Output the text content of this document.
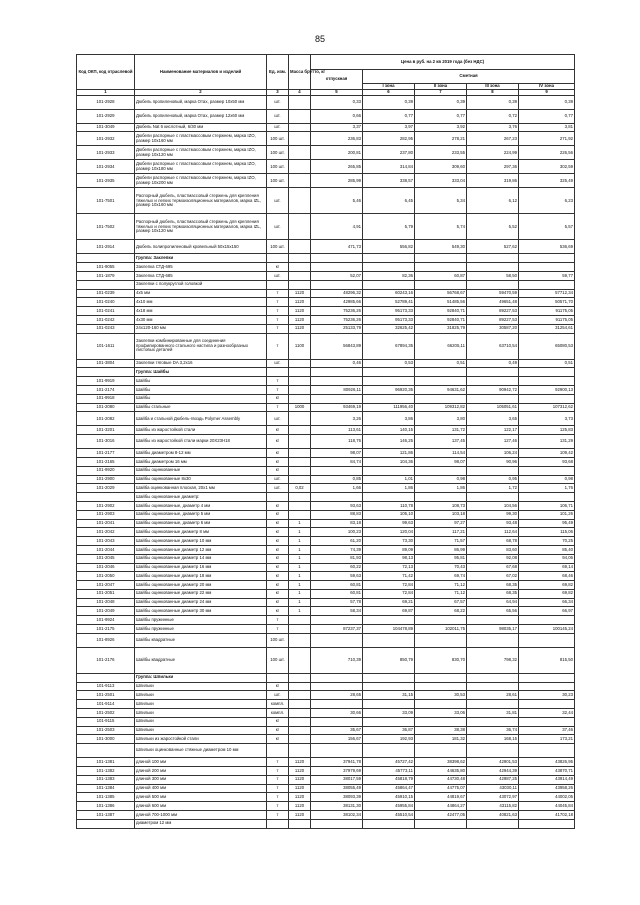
85
Код ОКП, код отраслевой	Наименование материалов и изделий	Ед. изм.	Масса брутто, кг	Цена в руб. на 2 кв 2019 года (без НДС)				
				отпускная	Сметная			
					I зона	II зона	III зона	IV зона
1	2	3	4	5	6	7	8	9
101-2928	Дюбель пропиленовый, марка Oтах, размер 10х50 мм	шт.		0,33	0,39	0,39	0,39	0,39
101-2929	Дюбель пропиленовый, марка Oтах, размер 12х60 мм	шт.		0,66	0,77	0,77	0,72	0,77
101-3049	Дюбель Nat 6 кислотный, 6/30 мм	шт.		3,37	3,97	3,92	3,76	3,81
101-2932	Дюбели распорные с пластмассовым стержнем, марка IZO, размер 10х160 мм	100 шт.		236,83	282,95	278,21	267,23	271,92
101-2933	Дюбели распорные с пластмассовым стержнем, марка IZO, размер 10х120 мм	100 шт.		200,81	237,80	233,55	224,99	226,56
101-2934	Дюбели распорные с пластмассовым стержнем, марка IZO, размер 10х180 мм	100 шт.		265,85	314,84	309,60	297,36	302,59
101-2935	Дюбели распорные с пластмассовым стержнем, марка IZO, размер 10х200 мм	100 шт.		285,99	338,57	333,04	319,86	325,49
101-7501	Распорный дюбель, пластмассовый стержень для крепления тяжелых и легких термоизоляционных материалов, марка IZL, размер 10х160 мм	шт.		5,46	6,45	5,34	6,12	6,23
101-7502	Распорный дюбель, пластмассовый стержень для крепления тяжелых и легких термоизоляционных материалов, марка IZL, размер 10х120 мм	шт.		4,91	5,79	5,74	5,52	5,57
101-2914	Дюбель полипропиленовый кровельный 50х15х150	100 шт.		471,73	556,82	549,30	527,62	536,69
	Группа: Заклепки							
101-9055	Заклепка СТД-695	кг						
101-1879	Заклепка СТД-685	шт.		52,07	82,36	60,87	58,50	59,77
	Заклепки с полукруглой головкой							
101-0239	4х5 мм	т	1120	48296,32	60243,16	56768,67	59470,59	57712,34
101-0240	4х10 мм	т	1120	42985,66	52789,41	51485,56	49651,48	50571,70
101-0241	4х18 мм	т	1120	75236,26	95173,33	92840,71	89227,53	91175,05
101-0242	4х30 мм	т	1120	75236,26	95173,33	92840,71	89227,53	91175,05
101-0243	24х120-160 мм	т	1120	25133,79	32625,42	31825,79	30587,20	31254,61
101-1611	Заклепки комбинированные для соединения профилированного стального настила и разнообразных листовых деталей	т	1100	56843,89	67894,35	66205,11	63710,54	65080,53
101-3804	Заклепки тяговые DA 3,2х16	шт.		0,46	0,53	0,51	0,49	0,51
	Группа: Шайбы							
101-9919	Шайбы	т						
101-2174	Шайбы	т		80926,11	96920,35	94631,62	90942,72	92900,13
101-9918	Шайбы	кг						
101-2080	Шайбы стальные	т	1000	93469,19	111956,40	109312,82	105051,61	107312,62
101-2082	Шайба и стальной Дюбель-гвоздь Polymer Assembly	шт.		3,26	3,86	3,80	3,65	3,73
101-3201	Шайбы из жаростойкой стали	кг		113,61	140,15	131,72	122,17	125,83
101-3016	Шайбы из жаростойкой стали марки 20Х23Н18	кг		118,76	146,25	137,45	127,46	131,29
101-2177	Шайбы диаметром 8-12 мм	кг		98,07	121,86	114,54	106,24	109,42
101-2165	Шайбы диаметром 16 мм	кг		84,74	104,36	98,07	90,96	93,68
101-9920	Шайбы оцинкованные	кг						
101-2900	Шайбы оцинкованные 8х30	шт.		0,85	1,01	0,98	0,95	0,98
101-2029	Шайба оцинкованная плоская, 20х1 мм	шт.	0,02	1,66	1,86	1,86	1,72	1,76
	Шайбы оцинкованные диаметр:							
101-2902	Шайбы оцинкованные, диаметр 4 мм	кг		93,63	110,78	108,73	104,56	106,71
101-2903	Шайбы оцинкованные, диаметр 5 мм	кг		88,83	105,10	103,18	99,30	101,26
101-2041	Шайбы оцинкованные, диаметр 6 мм	кг	1	83,18	99,63	97,27	93,48	95,49
101-2042	Шайбы оцинкованные диаметр 8 мм	кг	1	100,23	120,04	117,21	112,64	115,06
101-2043	Шайбы оцинкованные диаметр 10 мм	кг	1	61,20	73,30	71,57	68,78	70,25
101-2044	Шайбы оцинкованные диаметр 12 мм	кг	1	74,39	89,09	86,99	83,60	85,40
101-2045	Шайбы оцинкованные диаметр 14 мм	кг	1	81,93	98,13	95,81	92,08	94,06
101-2046	Шайбы оцинкованные диаметр 16 мм	кг	1	60,22	72,13	70,43	67,68	69,14
101-2050	Шайбы оцинкованные диаметр 18 мм	кг	1	59,63	71,42	69,74	67,02	68,46
101-2047	Шайбы оцинкованные диаметр 20 мм	кг	1	60,81	72,84	71,12	68,35	69,82
101-2051	Шайбы оцинкованные диаметр 22 мм	кг	1	60,81	72,84	71,12	68,35	69,82
101-2048	Шайбы оцинкованные диаметр 24 мм	кг	1	57,78	69,21	67,57	64,94	66,34
101-2049	Шайбы оцинкованные диаметр 30 мм	кг	1	58,34	69,87	68,22	65,56	66,97
101-9924	Шайбы пружинные	т						
101-2175	Шайбы пружинные	т		87237,37	104478,89	102011,75	98035,17	100145,24
101-8926	Шайбы квадратные	100 шт.						
101-2176	Шайбы квадратные	100 шт.		710,39	850,79	830,70	798,32	815,50
	Группа: Шпильки							
101-9113	Шпильки	кг						
101-2501	Шпильки	шт.		28,65	31,15	30,53	28,61	30,23
101-9114	Шпильки	компл.						
101-2502	Шпильки	компл.		30,66	33,09	33,06	31,81	32,44
101-9115	Шпильки	кг						
101-2503	Шпильки	кг		35,67	36,87	38,38	36,74	37,46
101-3000	Шпильки из жаростойкой стали	кг		156,67	192,93	181,32	168,15	173,21
	Шпильки оцинкованные стяжные диаметром 10 мм							
101-1381	длиной 100 мм	т	1120	37941,78	45727,42	38398,62	42901,53	43826,95
101-1382	длиной 200 мм	т	1120	37979,69	45773,11	44635,80	42944,39	43870,71
101-1383	длиной 300 мм	т	1120	38017,59	45818,79	44730,48	42987,25	43914,49
101-1384	длиной 400 мм	т	1120	38055,49	45864,47	44775,07	43030,11	43958,26
101-1385	длиной 500 мм	т	1120	38093,39	45910,15	44819,67	43072,97	44002,05
101-1386	длиной 600 мм	т	1120	38131,30	45955,84	44864,27	43115,82	44045,84
101-1387	длиной 700-1000 мм	т	1120	38102,34	45510,54	42477,05	40821,63	41702,18
	диаметром 12 мм							
